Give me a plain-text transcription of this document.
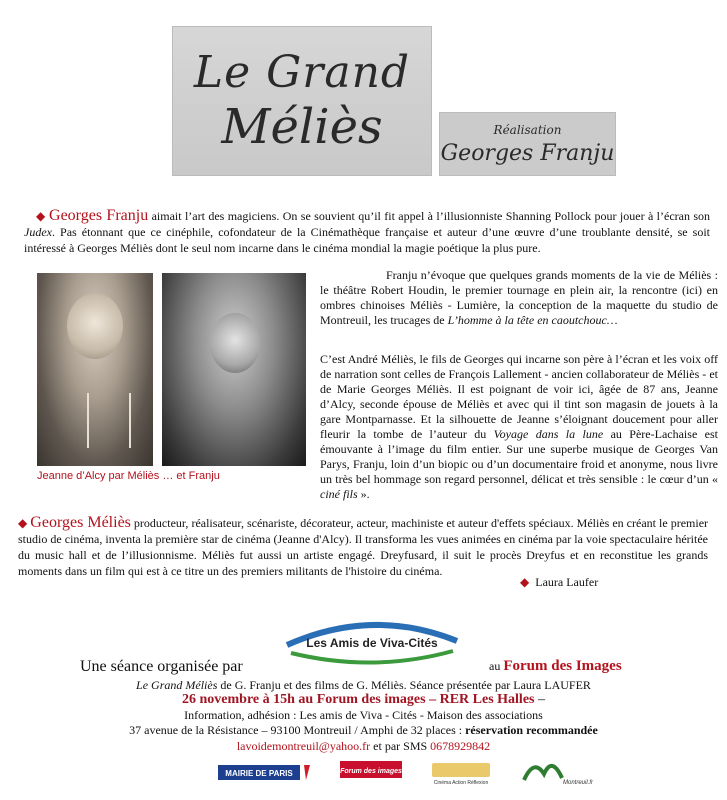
Le Grand
Méliès	Réalisation
Georges Franju

◆ Georges Franju aimait l’art des magiciens. On se souvient qu’il fit appel à l’illusionniste Shanning Pollock pour jouer à l’écran son Judex. Pas étonnant que ce cinéphile, cofondateur de la Cinémathèque française et auteur d’une œuvre d’une troublante densité, se soit intéressé à Georges Méliès dont le seul nom incarne dans le cinéma mondial la magie poétique la plus pure.

Jeanne d’Alcy par Méliès … et Franju

Franju n’évoque que quelques grands moments de la vie de Méliès : le théâtre Robert Houdin, le premier tournage en plein air, la rencontre (ici) en ombres chinoises Méliès - Lumière, la conception de la maquette du studio de Montreuil, les trucages de L’homme à la tête en caoutchouc…

C’est André Méliès, le fils de Georges qui incarne son père à l’écran et les voix off de narration sont celles de François Lallement - ancien collaborateur de Méliès - et de Marie Georges Méliès. Il est poignant de voir ici, âgée de 87 ans, Jeanne d’Alcy, seconde épouse de Méliès et avec qui il tint son magasin de jouets à la gare Montparnasse. Et la silhouette de Jeanne s’éloignant doucement pour aller fleurir la tombe de l’auteur du Voyage dans la lune au Père-Lachaise est émouvante à l’image du film entier. Sur une superbe musique de Georges Van Parys, Franju, loin d’un biopic ou d’un documentaire froid et anonyme, nous livre un très bel hommage son regard personnel, délicat et très sensible : le cœur d’un « ciné fils ».

◆ Georges Méliès producteur, réalisateur, scénariste, décorateur, acteur, machiniste et auteur d'effets spéciaux. Méliès en créant le premier studio de cinéma, inventa la première star de cinéma (Jeanne d'Alcy). Il transforma les vues animées en cinéma par la voie spectaculaire héritée du music hall et de l’illusionnisme. Méliès fut aussi un artiste engagé. Dreyfusard, il suit le procès Dreyfus et en reconstitue les grands moments dans un film qui est à ce titre un des premiers militants de l'histoire du cinéma.

◆ Laura Laufer
Les Amis de Viva-Cités
Une séance organisée par	au Forum des Images
Le Grand Méliès de G. Franju et des films de G. Méliès. Séance présentée par Laura LAUFER
26 novembre à 15h au Forum des images – RER Les Halles –
Information, adhésion : Les amis de Viva - Cités - Maison des associations
37 avenue de la Résistance – 93100 Montreuil / Amphi de 32 places : réservation recommandée
lavoidemontreuil@yahoo.fr et par SMS 0678929842
MAIRIE DE PARIS	Forum des images
Cinéma Action Réflexion	Montreuil.fr
